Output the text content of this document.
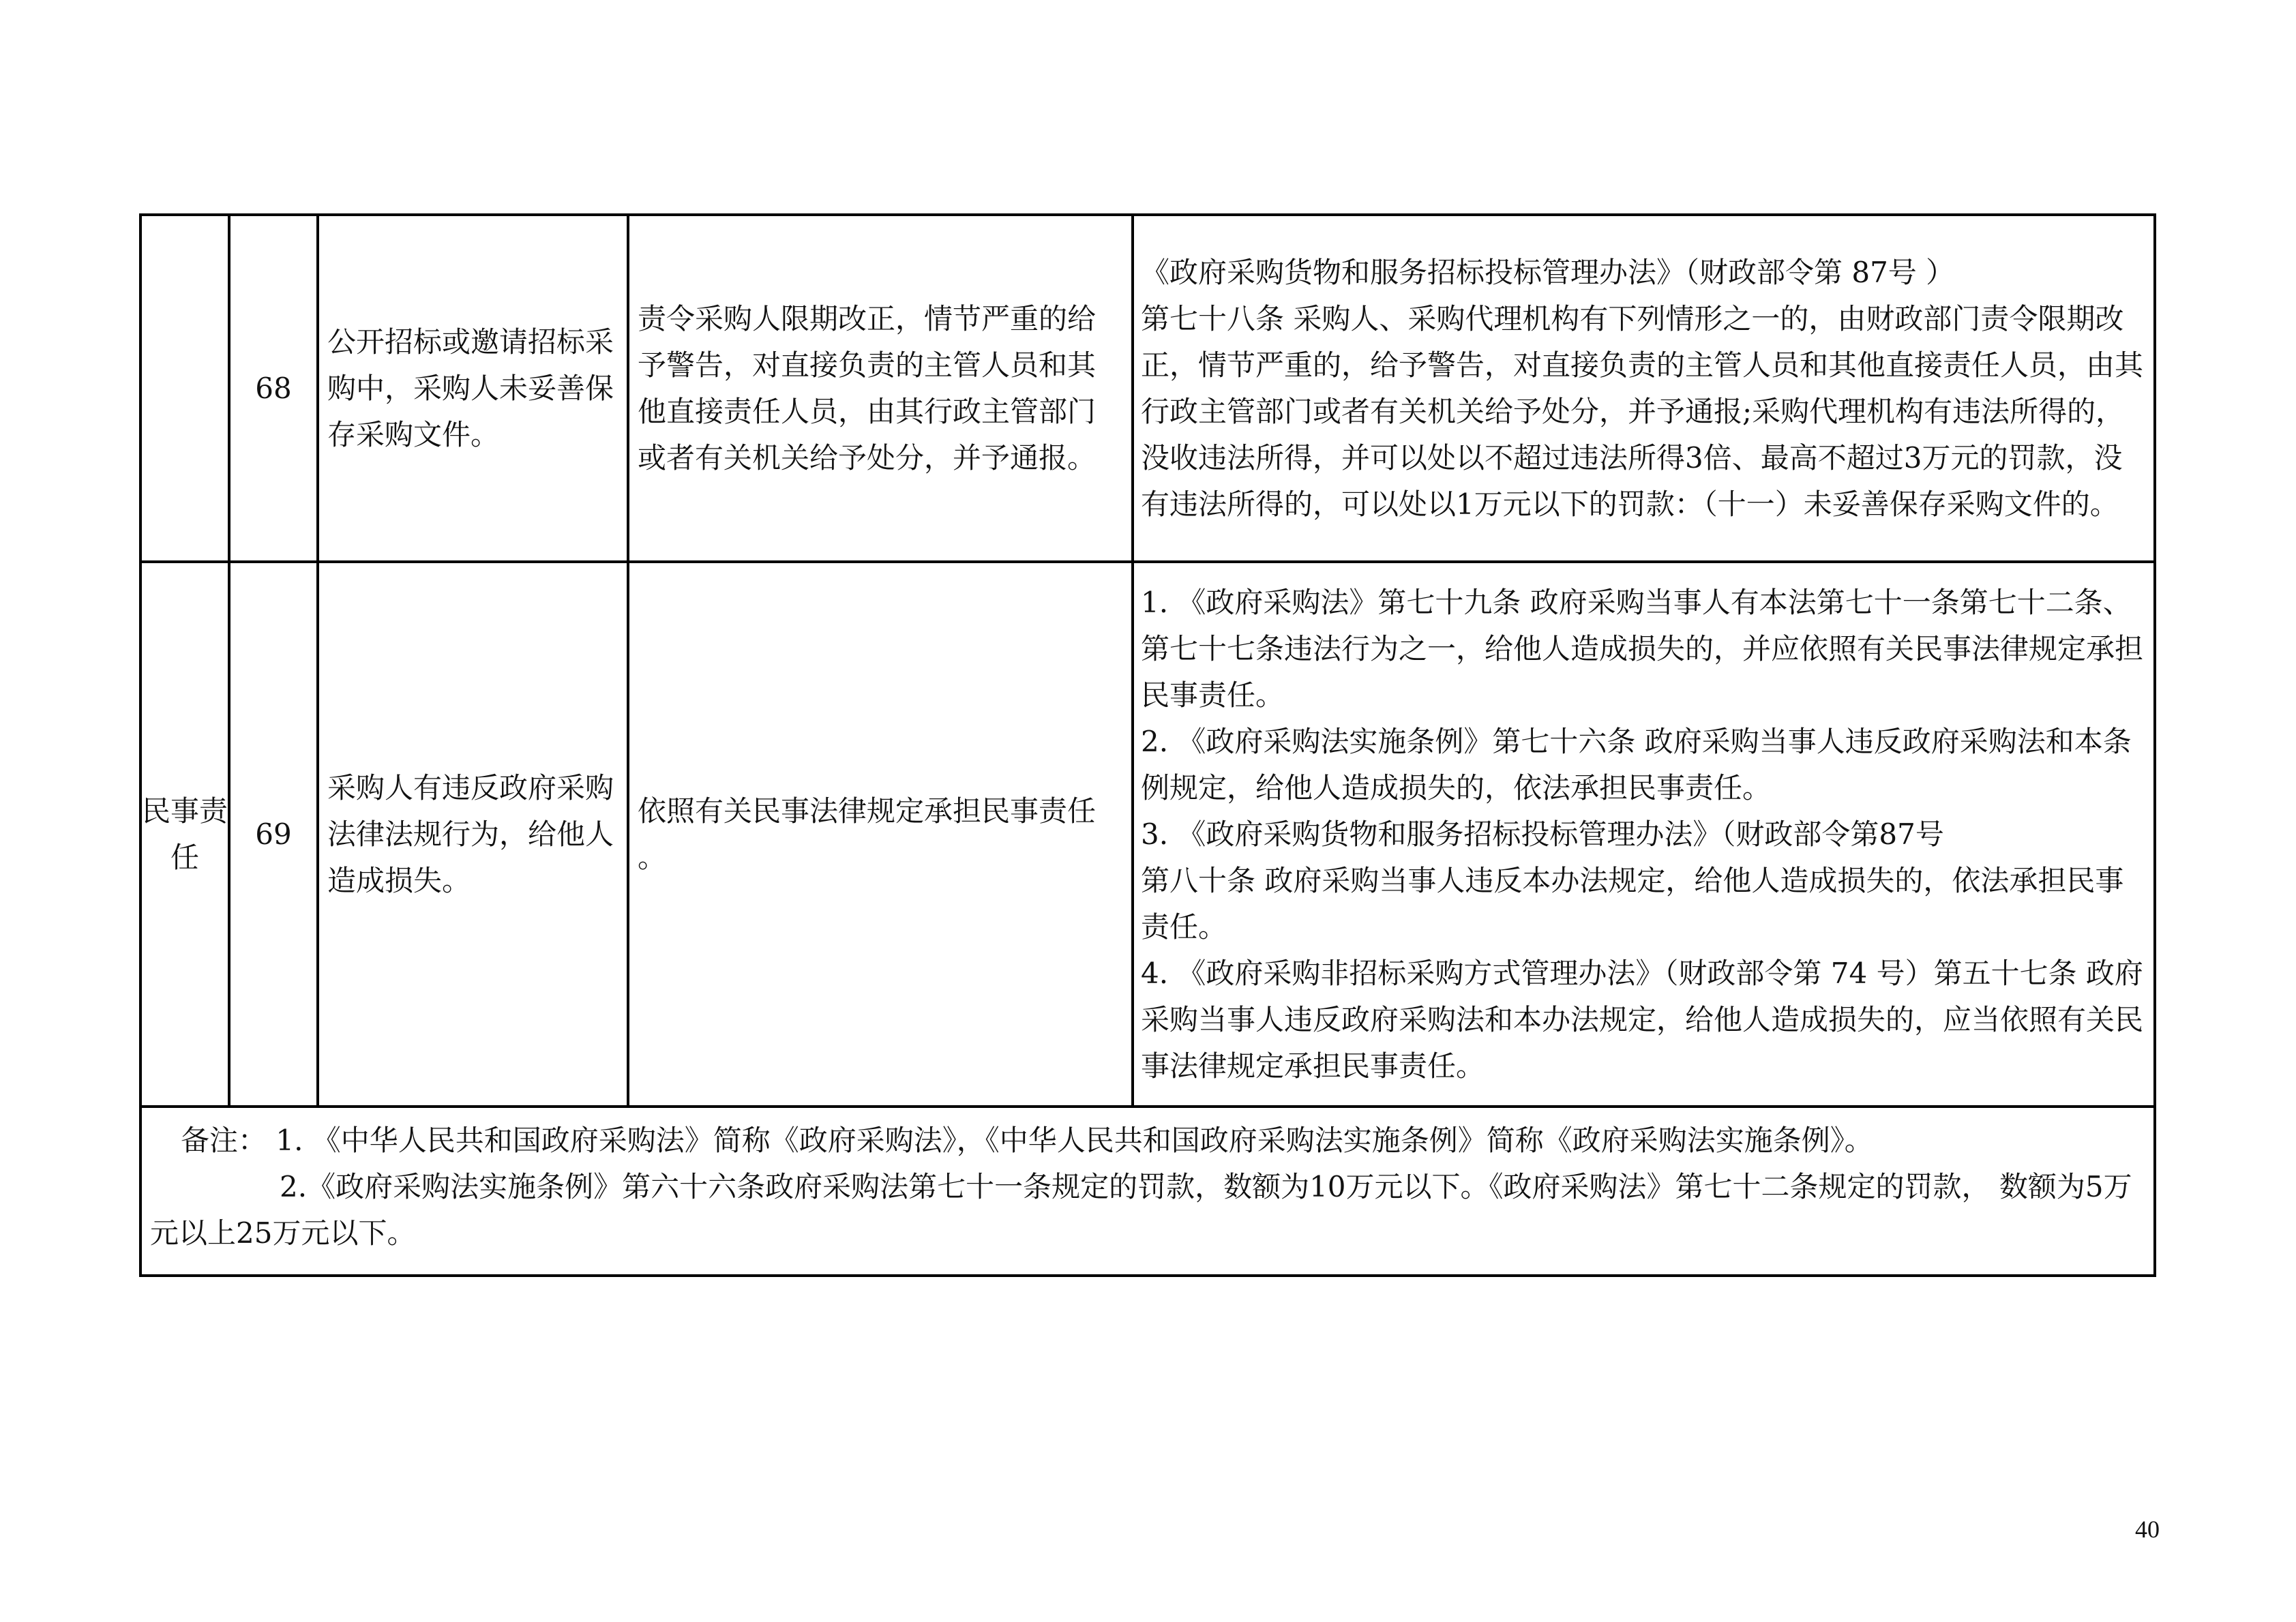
	68	公开招标或邀请招标采购中，采购人未妥善保存采购文件。	责令采购人限期改正，情节严重的给予警告，对直接负责的主管人员和其他直接责任人员，由其行政主管部门或者有关机关给予处分，并予通报。	《政府采购货物和服务招标投标管理办法》（财政部令第 87号 ）
第七十八条 采购人、采购代理机构有下列情形之一的，由财政部门责令限期改正，情节严重的，给予警告，对直接负责的主管人员和其他直接责任人员，由其行政主管部门或者有关机关给予处分，并予通报;采购代理机构有违法所得的，没收违法所得，并可以处以不超过违法所得3倍、最高不超过3万元的罚款，没有违法所得的，可以处以1万元以下的罚款：（十一）未妥善保存采购文件的。

民事责任	69	采购人有违反政府采购法律法规行为，给他人造成损失。	依照有关民事法律规定承担民事责任 。	1. 《政府采购法》第七十九条 政府采购当事人有本法第七十一条第七十二条、第七十七条违法行为之一，给他人造成损失的，并应依照有关民事法律规定承担民事责任。
2. 《政府采购法实施条例》第七十六条 政府采购当事人违反政府采购法和本条例规定，给他人造成损失的，依法承担民事责任。
3. 《政府采购货物和服务招标投标管理办法》（财政部令第87号
第八十条 政府采购当事人违反本办法规定，给他人造成损失的，依法承担民事责任。
4. 《政府采购非招标采购方式管理办法》（财政部令第 74 号）第五十七条 政府采购当事人违反政府采购法和本办法规定，给他人造成损失的，应当依照有关民事法律规定承担民事责任。

备注： 1. 《中华人民共和国政府采购法》简称《政府采购法》，《中华人民共和国政府采购法实施条例》简称《政府采购法实施条例》。
2.《政府采购法实施条例》第六十六条政府采购法第七十一条规定的罚款，数额为10万元以下。《政府采购法》第七十二条规定的罚款， 数额为5万元以上25万元以下。				
40
